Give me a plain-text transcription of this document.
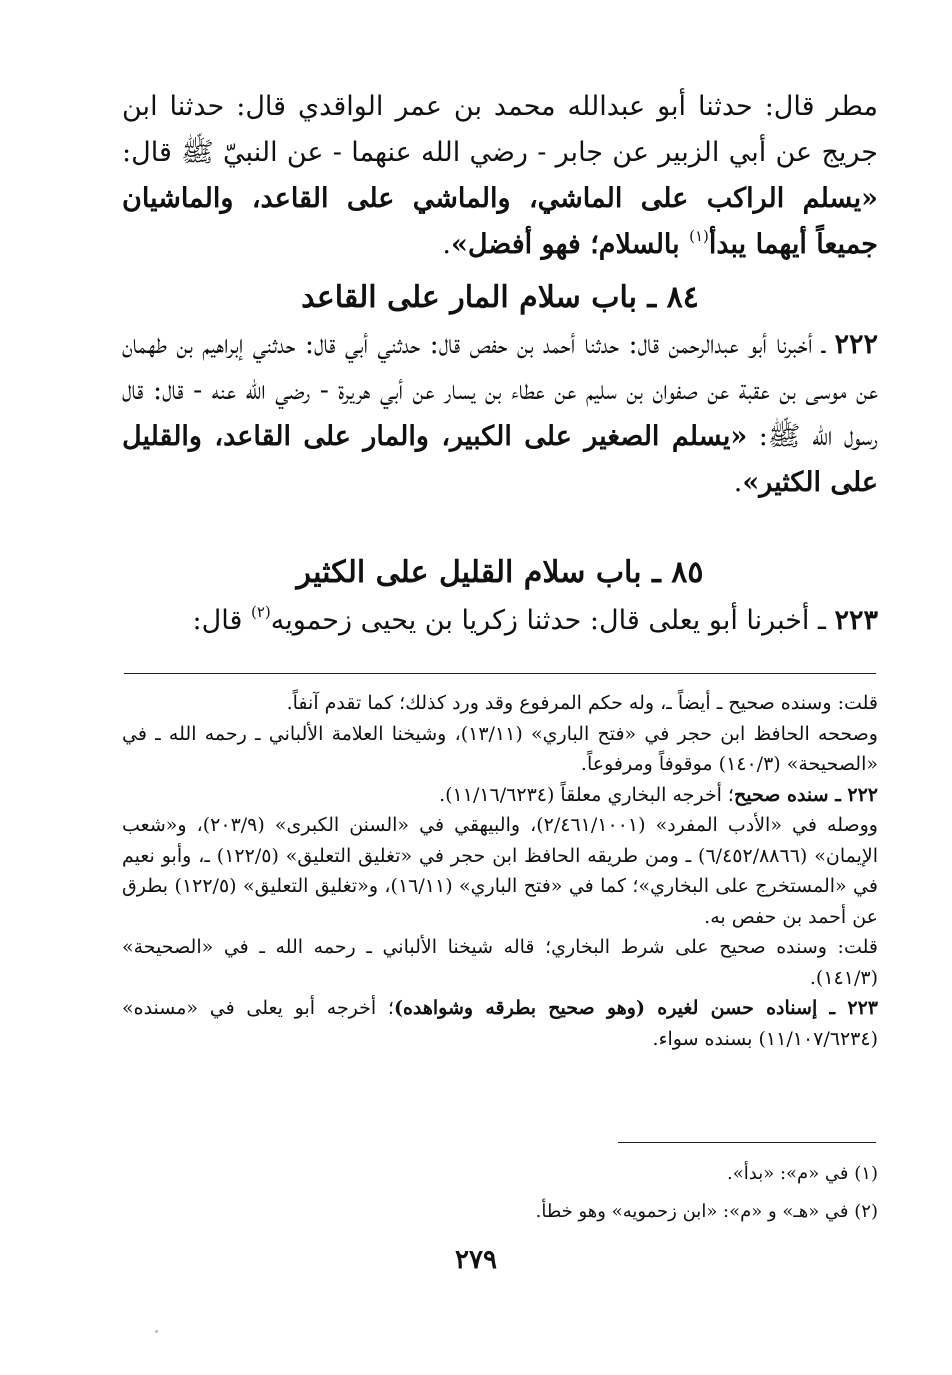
مطر قال: حدثنا أبو عبدالله محمد بن عمر الواقدي قال: حدثنا ابن جريج عن أبي الزبير عن جابر - رضي الله عنهما - عن النبيّ ﷺ قال: «يسلم الراكب على الماشي، والماشي على القاعد، والماشيان جميعاً أيهما يبدأ$^{(١)}$ بالسلام؛ فهو أفضل».

٨٤ ـ باب سلام المار على القاعد
٢٢٢ ـ أخبرنا أبو عبدالرحمن قال: حدثنا أحمد بن حفص قال: حدثني أبي قال: حدثني إبراهيم بن طهمان عن موسى بن عقبة عن صفوان بن سليم عن عطاء بن يسار عن أبي هريرة - رضي الله عنه - قال: قال رسول الله ﷺ: «يسلم الصغير على الكبير، والمار على القاعد، والقليل على الكثير».
٨٥ ـ باب سلام القليل على الكثير
٢٢٣ ـ أخبرنا أبو يعلى قال: حدثنا زكريا بن يحيى زحمويه$^{(٢)}$ قال:

قلت: وسنده صحيح ـ أيضاً ـ، وله حكم المرفوع وقد ورد كذلك؛ كما تقدم آنفاً.

وصححه الحافظ ابن حجر في «فتح الباري» (١٣/١١)، وشيخنا العلامة الألباني ـ رحمه الله ـ في «الصحيحة» (١٤٠/٣) موقوفاً ومرفوعاً.

٢٢٢ ـ سنده صحيح؛ أخرجه البخاري معلقاً (١١/١٦/٦٢٣٤).

ووصله في «الأدب المفرد» (٢/٤٦١/١٠٠١)، والبيهقي في «السنن الكبرى» (٢٠٣/٩)، و«شعب الإيمان» (٦/٤٥٢/٨٨٦٦) ـ ومن طريقه الحافظ ابن حجر في «تغليق التعليق» (١٢٢/٥) ـ، وأبو نعيم في «المستخرج على البخاري»؛ كما في «فتح الباري» (١٦/١١)، و«تغليق التعليق» (١٢٢/٥) بطرق عن أحمد بن حفص به.

قلت: وسنده صحيح على شرط البخاري؛ قاله شيخنا الألباني ـ رحمه الله ـ في «الصحيحة» (١٤١/٣).

٢٢٣ ـ إسناده حسن لغيره (وهو صحيح بطرقه وشواهده)؛ أخرجه أبو يعلى في «مسنده» (١١/١٠٧/٦٢٣٤) بسنده سواء.

(١) في «م»: «بدأ».

(٢) في «هـ» و «م»: «ابن زحمويه» وهو خطأ.

٢٧٩
